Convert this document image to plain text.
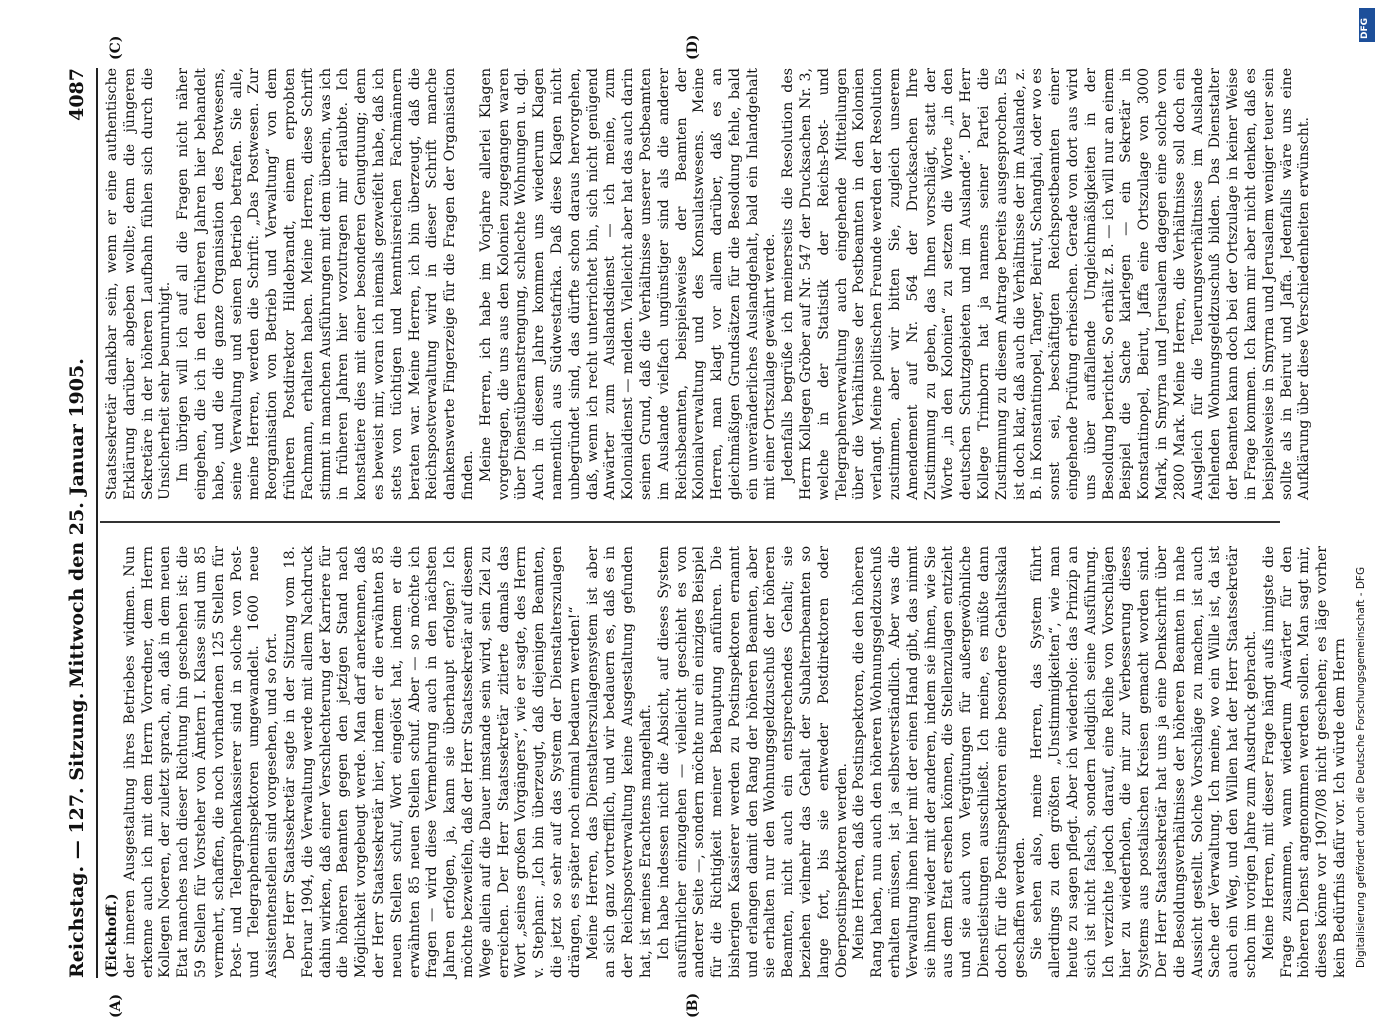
Reichstag. — 127. Sitzung.
Mittwoch den 25. Januar 1905.
4087

(Eickhoff.) der inneren Ausgestaltung ihres Betriebes widmen. Nun erkenne auch ich mit dem Herrn Vorredner, dem Herrn Kollegen Noeren, der zuletzt sprach, an, daß in dem neuen Etat manches nach dieser Richtung hin geschehen ist: die 59 Stellen für Vorsteher von Ämtern I. Klasse sind um 85 vermehrt, schaffen, die noch vorhandenen 125 Stellen für Post- und Telegraphenkassierer sind in solche von Post- und Telegrapheninspektoren umgewandelt. 1600 neue Assistentenstellen sind vorgesehen, und so fort. Der Herr Staatssekretär sagte in der Sitzung vom 18. Februar 1904, die Verwaltung werde mit allem Nachdruck dahin wirken, daß einer Verschlechterung der Karriere für die höheren Beamten gegen den jetzigen Stand nach Möglichkeit vorgebeugt werde. Man darf anerkennen, daß der Herr Staatssekretär hier, indem er die erwähnten 85 neuen Stellen schuf, Wort eingelöst hat, indem er die erwähnten 85 neuen Stellen schuf. Aber — so möchte ich fragen — wird diese Vermehrung auch in den nächsten Jahren erfolgen, ja, kann sie überhaupt erfolgen? Ich möchte bezweifeln, daß der Herr Staatssekretär auf diesem Wege allein auf die Dauer imstande sein wird, sein Ziel zu erreichen. Der Herr Staatssekretär zitierte damals das Wort „seines großen Vorgängers“, wie er sagte, des Herrn v. Stephan: „Ich bin überzeugt, daß diejenigen Beamten, die jetzt so sehr auf das System der Dienstalterszulagen drängen, es später noch einmal bedauern werden!“ Meine Herren, das Dienstalterszulagensystem ist aber an sich ganz vortrefflich, und wir bedauern es, daß es in der Reichspostverwaltung keine Ausgestaltung gefunden hat, ist meines Erachtens mangelhaft. Ich habe indessen nicht die Absicht, auf dieses System ausführlicher einzugehen — vielleicht geschieht es von anderer Seite —, sondern möchte nur ein einziges Beispiel für die Richtigkeit meiner Behauptung anführen. Die bisherigen Kassierer werden zu Postinspektoren ernannt und erlangen damit den Rang der höheren Beamten, aber sie erhalten nur den Wohnungsgeldzuschuß der höheren Beamten, nicht auch ein entsprechendes Gehalt; sie beziehen vielmehr das Gehalt der Subalternbeamten so lange fort, bis sie entweder Postdirektoren oder Oberpostinspektoren werden. Meine Herren, daß die Postinspektoren, die den höheren Rang haben, nun auch den höheren Wohnungsgeldzuschuß erhalten müssen, ist ja selbstverständlich. Aber was die Verwaltung ihnen hier mit der einen Hand gibt, das nimmt sie ihnen wieder mit der anderen, indem sie ihnen, wie Sie aus dem Etat ersehen können, die Stellenzulagen entzieht und sie auch von Vergütungen für außergewöhnliche Dienstleistungen ausschließt. Ich meine, es müßte dann doch für die Postinspektoren eine besondere Gehaltsskala geschaffen werden. Sie sehen also, meine Herren, das System führt allerdings zu den größten „Unstimmigkeiten“, wie man heute zu sagen pflegt. Aber ich wiederhole: das Prinzip an sich ist nicht falsch, sondern lediglich seine Ausführung. Ich verzichte jedoch darauf, eine Reihe von Vorschlägen hier zu wiederholen, die mir zur Verbesserung dieses Systems aus postalischen Kreisen gemacht worden sind. Der Herr Staatssekretär hat uns ja eine Denkschrift über die Besoldungsverhältnisse der höheren Beamten in nahe Aussicht gestellt. Solche Vorschläge zu machen, ist auch Sache der Verwaltung. Ich meine, wo ein Wille ist, da ist auch ein Weg, und den Willen hat der Herr Staatssekretär schon im vorigen Jahre zum Ausdruck gebracht. Meine Herren, mit dieser Frage hängt aufs innigste die Frage zusammen, wann wiederum Anwärter für den höheren Dienst angenommen werden sollen. Man sagt mir, dieses könne vor 1907/08 nicht geschehen; es läge vorher kein Bedürfnis dafür vor. Ich würde dem Herrn

Staatssekretär dankbar sein, wenn er eine authentische Erklärung darüber abgeben wollte; denn die jüngeren Sekretäre in der höheren Laufbahn fühlen sich durch die Unsicherheit sehr beunruhigt. Im übrigen will ich auf all die Fragen nicht näher eingehen, die ich in den früheren Jahren hier behandelt habe, und die die ganze Organisation des Postwesens, seine Verwaltung und seinen Betrieb betrafen. Sie alle, meine Herren, werden die Schrift: „Das Postwesen. Zur Reorganisation von Betrieb und Verwaltung“ von dem früheren Postdirektor Hildebrandt, einem erprobten Fachmann, erhalten haben. Meine Herren, diese Schrift stimmt in manchen Ausführungen mit dem überein, was ich in früheren Jahren hier vorzutragen mir erlaubte. Ich konstatiere dies mit einer besonderen Genugtuung; denn es beweist mir, woran ich niemals gezweifelt habe, daß ich stets von tüchtigen und kenntnisreichen Fachmännern beraten war. Meine Herren, ich bin überzeugt, daß die Reichspostverwaltung wird in dieser Schrift manche dankenswerte Fingerzeige für die Fragen der Organisation finden. Meine Herren, ich habe im Vorjahre allerlei Klagen vorgetragen, die uns aus den Kolonien zugegangen waren über Dienstüberanstrengung, schlechte Wohnungen u. dgl. Auch in diesem Jahre kommen uns wiederum Klagen namentlich aus Südwestafrika. Daß diese Klagen nicht unbegründet sind, das dürfte schon daraus hervorgehen, daß, wenn ich recht unterrichtet bin, sich nicht genügend Anwärter zum Auslandsdienst — ich meine, zum Kolonialdienst — melden. Vielleicht aber hat das auch darin seinen Grund, daß die Verhältnisse unserer Postbeamten im Auslande vielfach ungünstiger sind als die anderer Reichsbeamten, beispielsweise der Beamten der Kolonialverwaltung und des Konsulatswesens. Meine Herren, man klagt vor allem darüber, daß es an gleichmäßigen Grundsätzen für die Besoldung fehle, bald ein unveränderliches Auslandgehalt, bald ein Inlandgehalt mit einer Ortszulage gewährt werde. Jedenfalls begrüße ich meinerseits die Resolution des Herrn Kollegen Gröber auf Nr. 547 der Drucksachen Nr. 3, welche in der Statistik der Reichs-Post- und Telegraphenverwaltung auch eingehende Mitteilungen über die Verhältnisse der Postbeamten in den Kolonien verlangt. Meine politischen Freunde werden der Resolution zustimmen, aber wir bitten Sie, zugleich unserem Amendement auf Nr. 564 der Drucksachen Ihre Zustimmung zu geben, das Ihnen vorschlägt, statt der Worte „in den Kolonien“ zu setzen die Worte „in den deutschen Schutzgebieten und im Auslande“. Der Herr Kollege Trimborn hat ja namens seiner Partei die Zustimmung zu diesem Antrage bereits ausgesprochen. Es ist doch klar, daß auch die Verhältnisse der im Auslande, z. B. in Konstantinopel, Tanger, Beirut, Schanghai, oder wo es sonst sei, beschäftigten Reichspostbeamten einer eingehende Prüfung erheischen. Gerade von dort aus wird uns über auffallende Ungleichmäßigkeiten in der Besoldung berichtet. So erhält z. B. — ich will nur an einem Beispiel die Sache klarlegen — ein Sekretär in Konstantinopel, Beirut, Jaffa eine Ortszulage von 3000 Mark, in Smyrna und Jerusalem dagegen eine solche von 2800 Mark. Meine Herren, die Verhältnisse soll doch ein Ausgleich für die Teuerungsverhältnisse im Auslande fehlenden Wohnungsgeldzuschuß bilden. Das Dienstalter der Beamten kann doch bei der Ortszulage in keiner Weise in Frage kommen. Ich kann mir aber nicht denken, daß es beispielsweise in Smyrna und Jerusalem weniger teuer sein sollte als in Beirut und Jaffa. Jedenfalls wäre uns eine Aufklärung über diese Verschiedenheiten erwünscht.

(A)	(B)
(C)	(D)
DFG
Digitalisierung gefördert durch die Deutsche Forschungsgemeinschaft - DFG
